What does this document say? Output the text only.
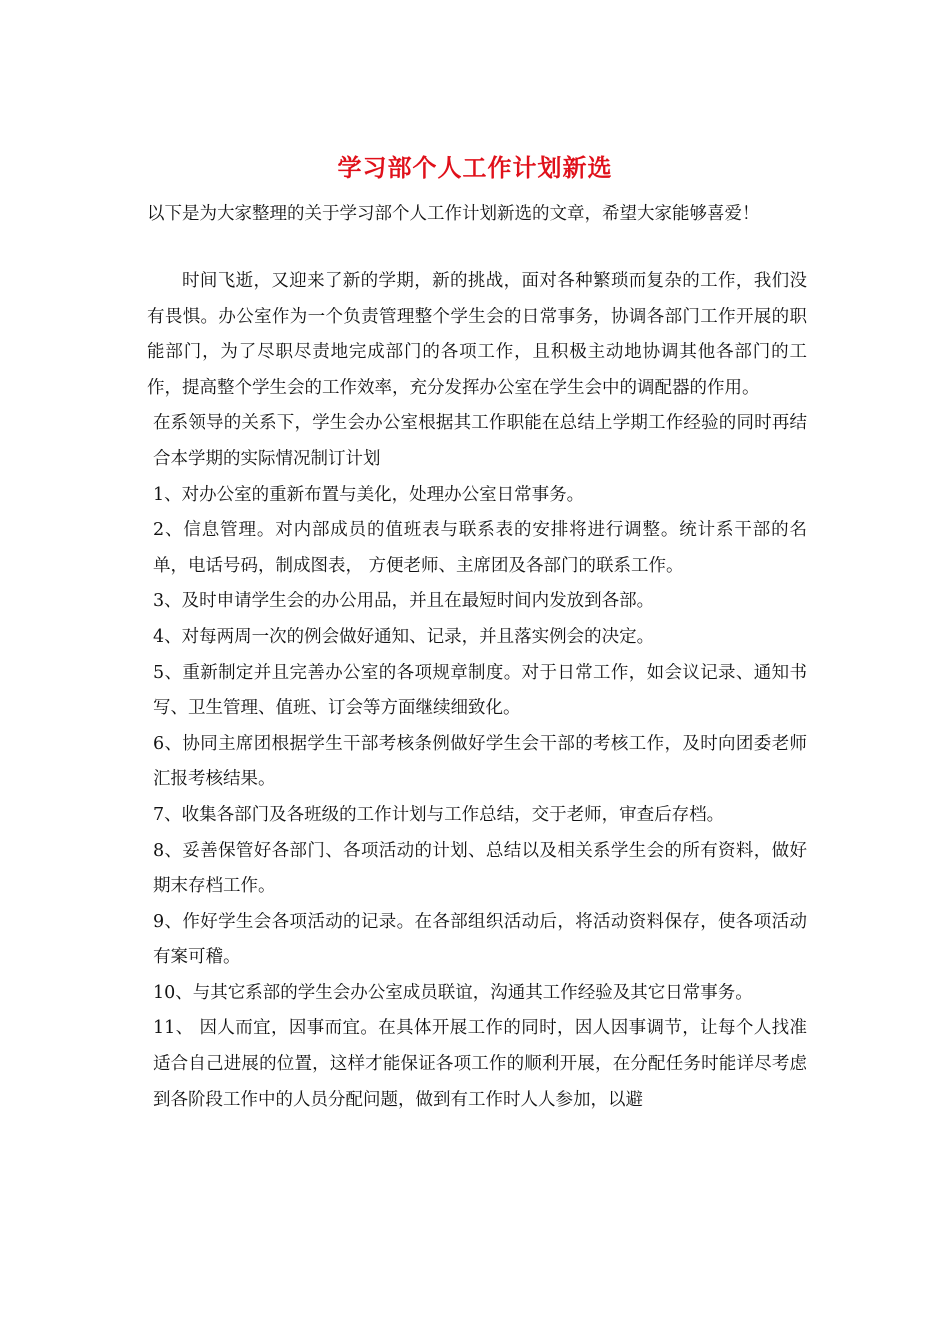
学习部个人工作计划新选
以下是为大家整理的关于学习部个人工作计划新选的文章，希望大家能够喜爱！

时间飞逝，又迎来了新的学期，新的挑战，面对各种繁琐而复杂的工作，我们没有畏惧。办公室作为一个负责管理整个学生会的日常事务，协调各部门工作开展的职能部门，为了尽职尽责地完成部门的各项工作，且积极主动地协调其他各部门的工作，提高整个学生会的工作效率，充分发挥办公室在学生会中的调配器的作用。

在系领导的关系下，学生会办公室根据其工作职能在总结上学期工作经验的同时再结合本学期的实际情况制订计划

1、对办公室的重新布置与美化，处理办公室日常事务。

2、信息管理。对内部成员的值班表与联系表的安排将进行调整。统计系干部的名单，电话号码，制成图表， 方便老师、主席团及各部门的联系工作。

3、及时申请学生会的办公用品，并且在最短时间内发放到各部。

4、对每两周一次的例会做好通知、记录，并且落实例会的决定。

5、重新制定并且完善办公室的各项规章制度。对于日常工作，如会议记录、通知书写、卫生管理、值班、订会等方面继续细致化。

6、协同主席团根据学生干部考核条例做好学生会干部的考核工作，及时向团委老师汇报考核结果。

7、收集各部门及各班级的工作计划与工作总结，交于老师，审查后存档。

8、妥善保管好各部门、各项活动的计划、总结以及相关系学生会的所有资料，做好期末存档工作。

9、作好学生会各项活动的记录。在各部组织活动后，将活动资料保存，使各项活动有案可稽。

10、与其它系部的学生会办公室成员联谊，沟通其工作经验及其它日常事务。

11、 因人而宜，因事而宜。在具体开展工作的同时，因人因事调节，让每个人找准适合自己进展的位置，这样才能保证各项工作的顺利开展，在分配任务时能详尽考虑到各阶段工作中的人员分配问题，做到有工作时人人参加，以避
